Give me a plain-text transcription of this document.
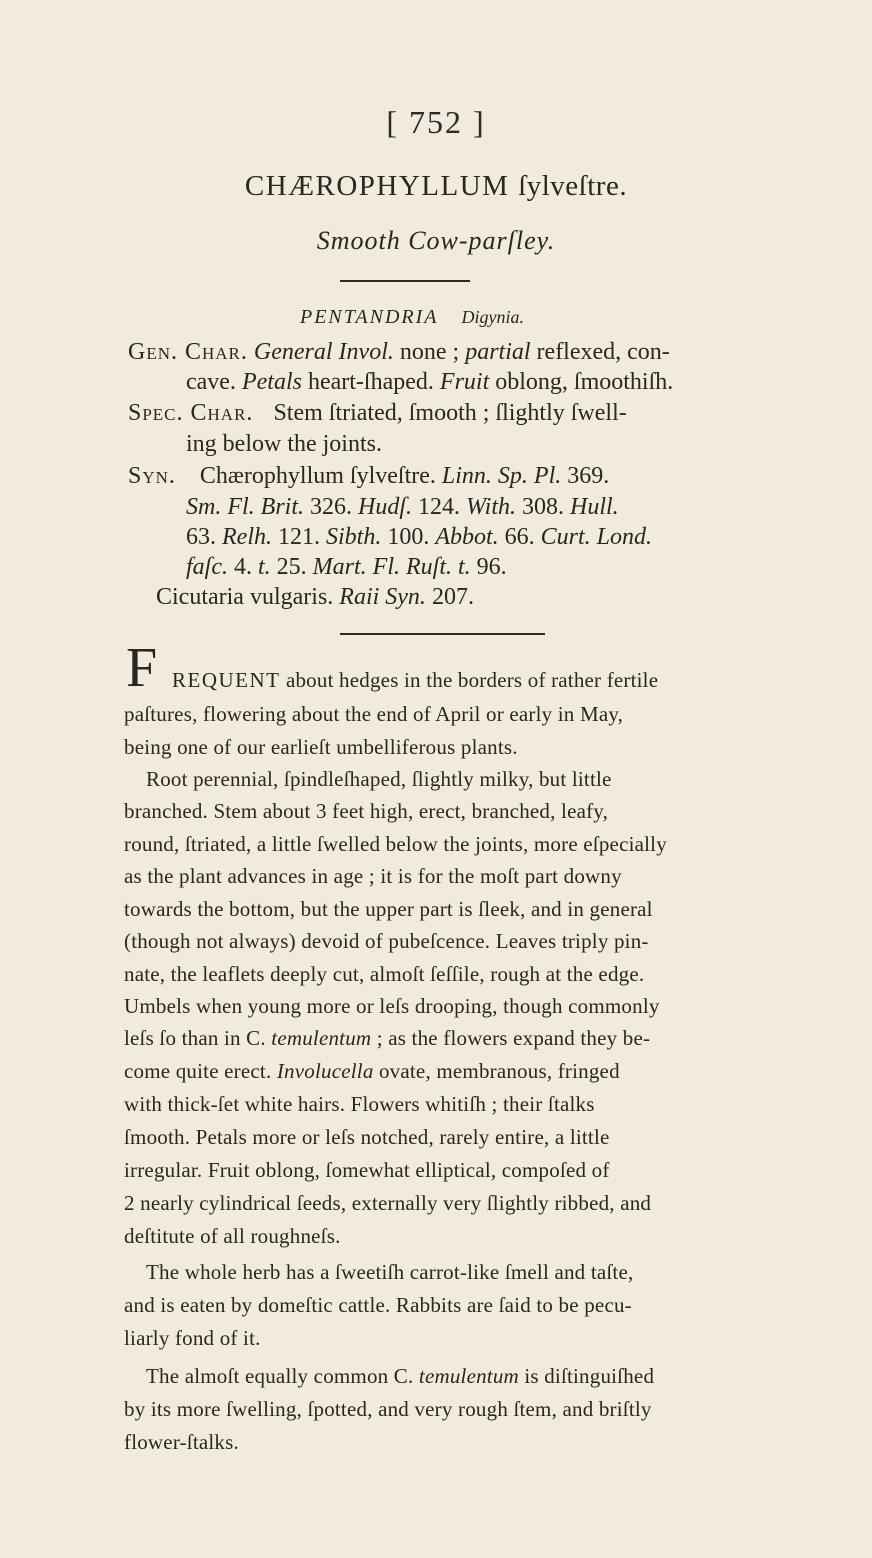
[ 752 ]
CHÆROPHYLLUM ſylveſtre.
Smooth Cow-parſley.
PENTANDRIA Digynia.
Gen. Char. General Invol. none ; partial reflexed, con-
cave. Petals heart-ſhaped. Fruit oblong, ſmoothiſh.
Spec. Char. Stem ſtriated, ſmooth ; ſlightly ſwell-
ing below the joints.
Syn. Chærophyllum ſylveſtre. Linn. Sp. Pl. 369.
Sm. Fl. Brit. 326. Hudſ. 124. With. 308. Hull.
63. Relh. 121. Sibth. 100. Abbot. 66. Curt. Lond.
faſc. 4. t. 25. Mart. Fl. Ruſt. t. 96.
Cicutaria vulgaris. Raii Syn. 207.
F REQUENT about hedges in the borders of rather fertile
paſtures, flowering about the end of April or early in May,
being one of our earlieſt umbelliferous plants.
Root perennial, ſpindleſhaped, ſlightly milky, but little
branched. Stem about 3 feet high, erect, branched, leafy,
round, ſtriated, a little ſwelled below the joints, more eſpecially
as the plant advances in age ; it is for the moſt part downy
towards the bottom, but the upper part is ſleek, and in general
(though not always) devoid of pubeſcence. Leaves triply pin-
nate, the leaflets deeply cut, almoſt ſeſſile, rough at the edge.
Umbels when young more or leſs drooping, though commonly
leſs ſo than in C. temulentum ; as the flowers expand they be-
come quite erect. Involucella ovate, membranous, fringed
with thick-ſet white hairs. Flowers whitiſh ; their ſtalks
ſmooth. Petals more or leſs notched, rarely entire, a little
irregular. Fruit oblong, ſomewhat elliptical, compoſed of
2 nearly cylindrical ſeeds, externally very ſlightly ribbed, and
deſtitute of all roughneſs.
The whole herb has a ſweetiſh carrot-like ſmell and taſte,
and is eaten by domeſtic cattle. Rabbits are ſaid to be pecu-
liarly fond of it.
The almoſt equally common C. temulentum is diſtinguiſhed
by its more ſwelling, ſpotted, and very rough ſtem, and briſtly
flower-ſtalks.
